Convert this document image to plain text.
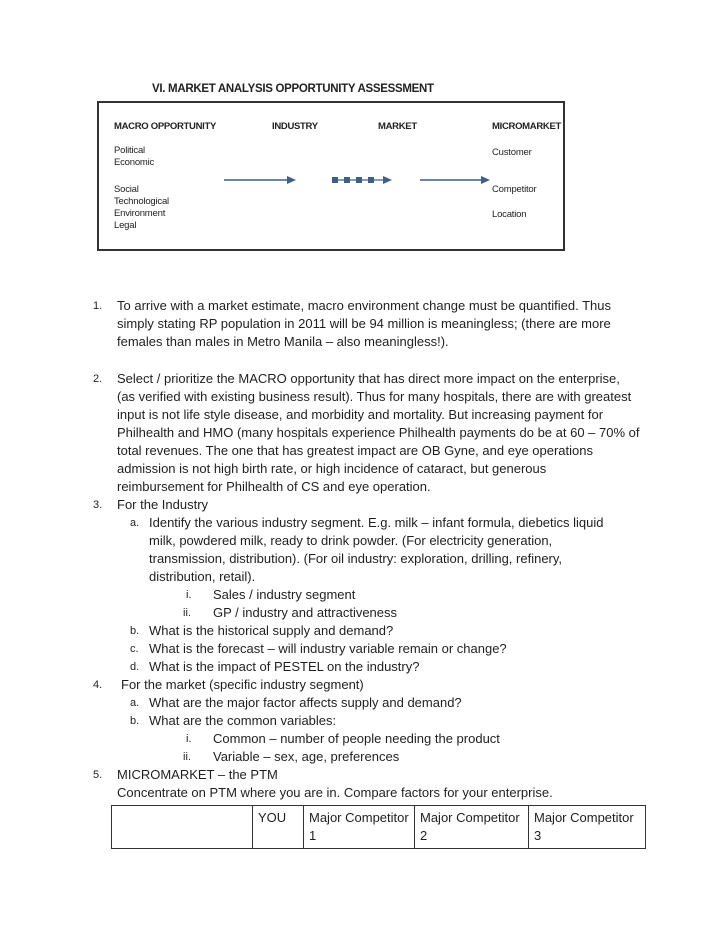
VI. MARKET ANALYSIS OPPORTUNITY ASSESSMENT
MACRO OPPORTUNITY	INDUSTRY	MARKET	MICROMARKET
Political
Economic
Social
Technological
Environment
Legal
Customer
Competitor
Location
1. To arrive with a market estimate, macro environment change must be quantified. Thus
simply stating RP population in 2011 will be 94 million is meaningless; (there are more
females than males in Metro Manila – also meaningless!).
2. Select / prioritize the MACRO opportunity that has direct more impact on the enterprise,
(as verified with existing business result). Thus for many hospitals, there are with greatest
input is not life style disease, and morbidity and mortality. But increasing payment for
Philhealth and HMO (many hospitals experience Philhealth payments do be at 60 – 70% of
total revenues. The one that has greatest impact are OB Gyne, and eye operations
admission is not high birth rate, or high incidence of cataract, but generous
reimbursement for Philhealth of CS and eye operation.
3. For the Industry
a. Identify the various industry segment. E.g. milk – infant formula, diebetics liquid
milk, powdered milk, ready to drink powder. (For electricity generation,
transmission, distribution). (For oil industry: exploration, drilling, refinery,
distribution, retail).
i. Sales / industry segment
ii. GP / industry and attractiveness
b. What is the historical supply and demand?
c. What is the forecast – will industry variable remain or change?
d. What is the impact of PESTEL on the industry?
4. For the market (specific industry segment)
a. What are the major factor affects supply and demand?
b. What are the common variables:
i. Common – number of people needing the product
ii. Variable – sex, age, preferences
5. MICROMARKET – the PTM
Concentrate on PTM where you are in. Compare factors for your enterprise.
	YOU	Major Competitor 1	Major Competitor 2	Major Competitor 3
